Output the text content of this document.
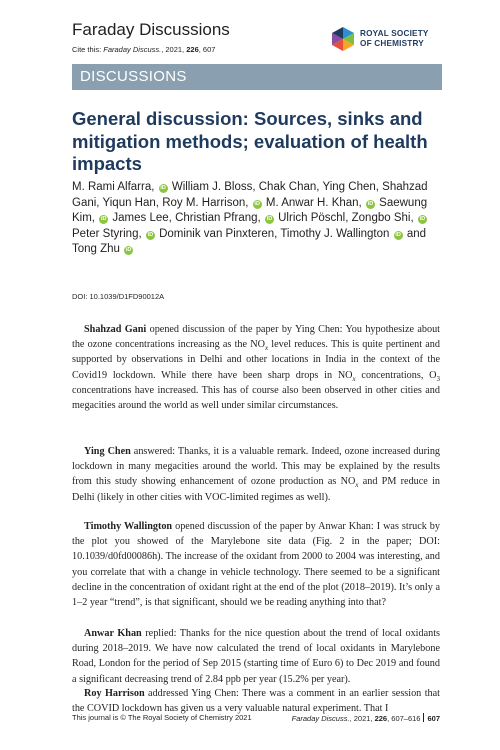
Faraday Discussions
Cite this: Faraday Discuss., 2021, 226, 607
ROYAL SOCIETY
OF CHEMISTRY
DISCUSSIONS
General discussion: Sources, sinks and mitigation methods; evaluation of health impacts
M. Rami Alfarra, iD William J. Bloss, Chak Chan, Ying Chen, Shahzad Gani, Yiqun Han, Roy M. Harrison, iD M. Anwar H. Khan, iD Saewung Kim, iD James Lee, Christian Pfrang, iD Ulrich Pöschl, Zongbo Shi, iD Peter Styring, iD Dominik van Pinxteren, Timothy J. Wallington iD and Tong Zhu iD
DOI: 10.1039/D1FD90012A
Shahzad Gani opened discussion of the paper by Ying Chen: You hypothesize about the ozone concentrations increasing as the $NO_x$ level reduces. This is quite pertinent and supported by observations in Delhi and other locations in India in the context of the Covid19 lockdown. While there have been sharp drops in $NO_x$ concentrations, $O_3$ concentrations have increased. This has of course also been observed in other cities and megacities around the world as well under similar circumstances.
Ying Chen answered: Thanks, it is a valuable remark. Indeed, ozone increased during lockdown in many megacities around the world. This may be explained by the results from this study showing enhancement of ozone production as $NO_x$ and PM reduce in Delhi (likely in other cities with VOC-limited regimes as well).
Timothy Wallington opened discussion of the paper by Anwar Khan: I was struck by the plot you showed of the Marylebone site data (Fig. 2 in the paper; DOI: 10.1039/d0fd00086h). The increase of the oxidant from 2000 to 2004 was interesting, and you correlate that with a change in vehicle technology. There seemed to be a significant decline in the concentration of oxidant right at the end of the plot (2018–2019). It’s only a 1–2 year “trend”, is that significant, should we be reading anything into that?
Anwar Khan replied: Thanks for the nice question about the trend of local oxidants during 2018–2019. We have now calculated the trend of local oxidants in Marylebone Road, London for the period of Sep 2015 (starting time of Euro 6) to Dec 2019 and found a significant decreasing trend of 2.84 ppb per year (15.2% per year).
Roy Harrison addressed Ying Chen: There was a comment in an earlier session that the COVID lockdown has given us a very valuable natural experiment. That I
This journal is © The Royal Society of Chemistry 2021	Faraday Discuss., 2021, 226, 607–616 607
